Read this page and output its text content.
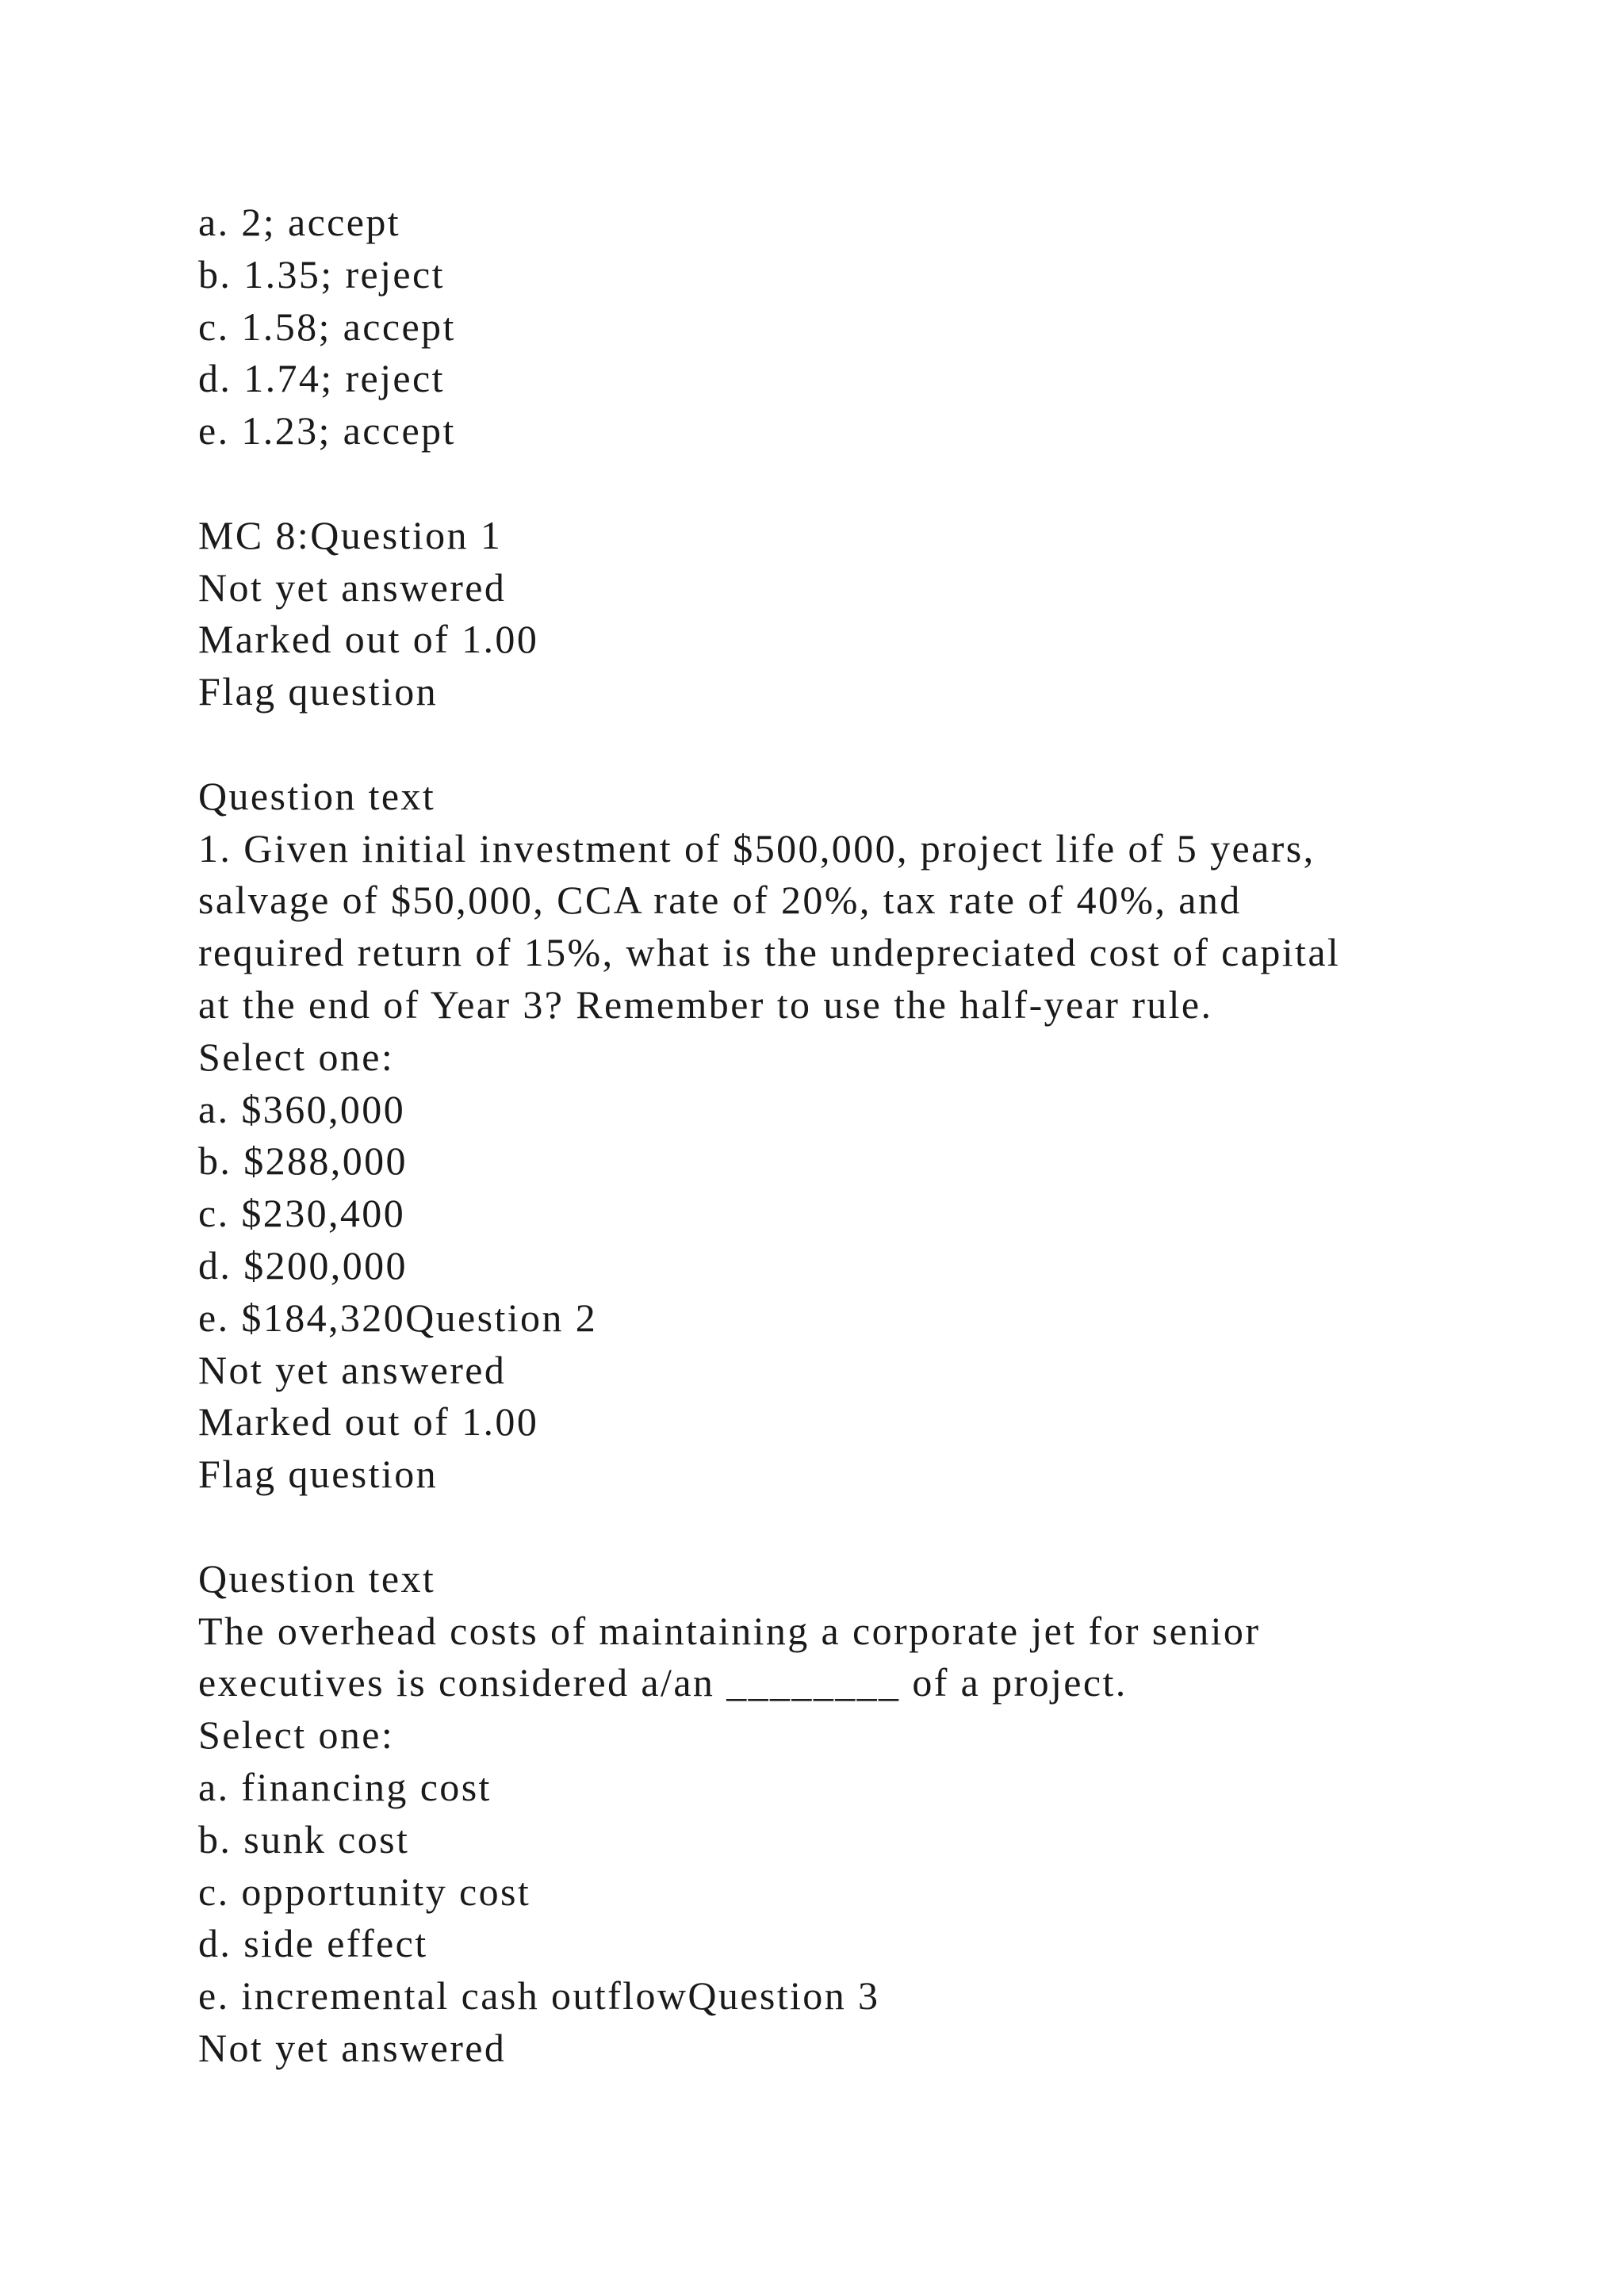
a. 2; accept
b. 1.35; reject
c. 1.58; accept
d. 1.74; reject
e. 1.23; accept
MC 8:Question 1
Not yet answered
Marked out of 1.00
Flag question
Question text
1. Given initial investment of $500,000, project life of 5 years,
salvage of $50,000, CCA rate of 20%, tax rate of 40%, and
required return of 15%, what is the undepreciated cost of capital
at the end of Year 3? Remember to use the half-year rule.
Select one:
a. $360,000
b. $288,000
c. $230,400
d. $200,000
e. $184,320Question 2
Not yet answered
Marked out of 1.00
Flag question
Question text
The overhead costs of maintaining a corporate jet for senior
executives is considered a/an ________ of a project.
Select one:
a. financing cost
b. sunk cost
c. opportunity cost
d. side effect
e. incremental cash outflowQuestion 3
Not yet answered
